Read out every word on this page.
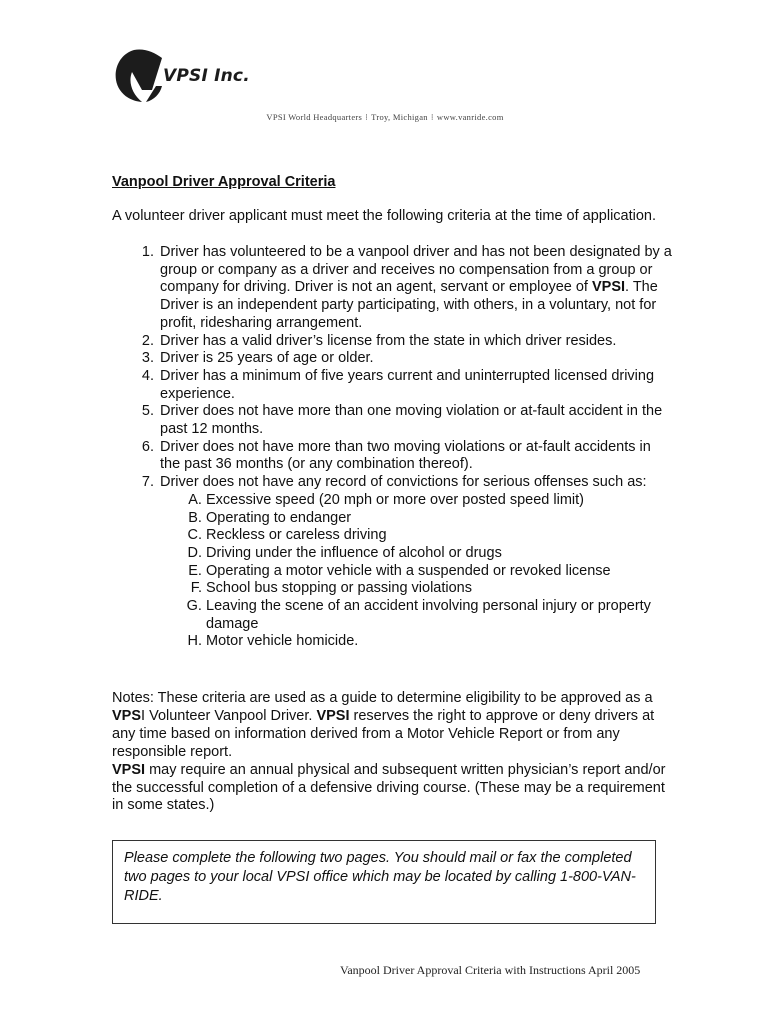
VPSI Inc.
VPSI World Headquarters ⁝ Troy, Michigan ⁝ www.vanride.com
Vanpool Driver Approval Criteria
A volunteer driver applicant must meet the following criteria at the time of application.
1. Driver has volunteered to be a vanpool driver and has not been designated by a group or company as a driver and receives no compensation from a group or company for driving. Driver is not an agent, servant or employee of VPSI. The Driver is an independent party participating, with others, in a voluntary, not for profit, ridesharing arrangement.
2. Driver has a valid driver’s license from the state in which driver resides.
3. Driver is 25 years of age or older.
4. Driver has a minimum of five years current and uninterrupted licensed driving experience.
5. Driver does not have more than one moving violation or at-fault accident in the past 12 months.
6. Driver does not have more than two moving violations or at-fault accidents in the past 36 months (or any combination thereof).
7. Driver does not have any record of convictions for serious offenses such as:
A. Excessive speed (20 mph or more over posted speed limit)
B. Operating to endanger
C. Reckless or careless driving
D. Driving under the influence of alcohol or drugs
E. Operating a motor vehicle with a suspended or revoked license
F. School bus stopping or passing violations
G. Leaving the scene of an accident involving personal injury or property damage
H. Motor vehicle homicide.

Notes: These criteria are used as a guide to determine eligibility to be approved as a VPSI Volunteer Vanpool Driver. VPSI reserves the right to approve or deny drivers at any time based on information derived from a Motor Vehicle Report or from any responsible report.

VPSI may require an annual physical and subsequent written physician’s report and/or the successful completion of a defensive driving course. (These may be a requirement in some states.)

Please complete the following two pages. You should mail or fax the completed two pages to your local VPSI office which may be located by calling 1-800-VAN-RIDE.
Vanpool Driver Approval Criteria with Instructions April 2005
